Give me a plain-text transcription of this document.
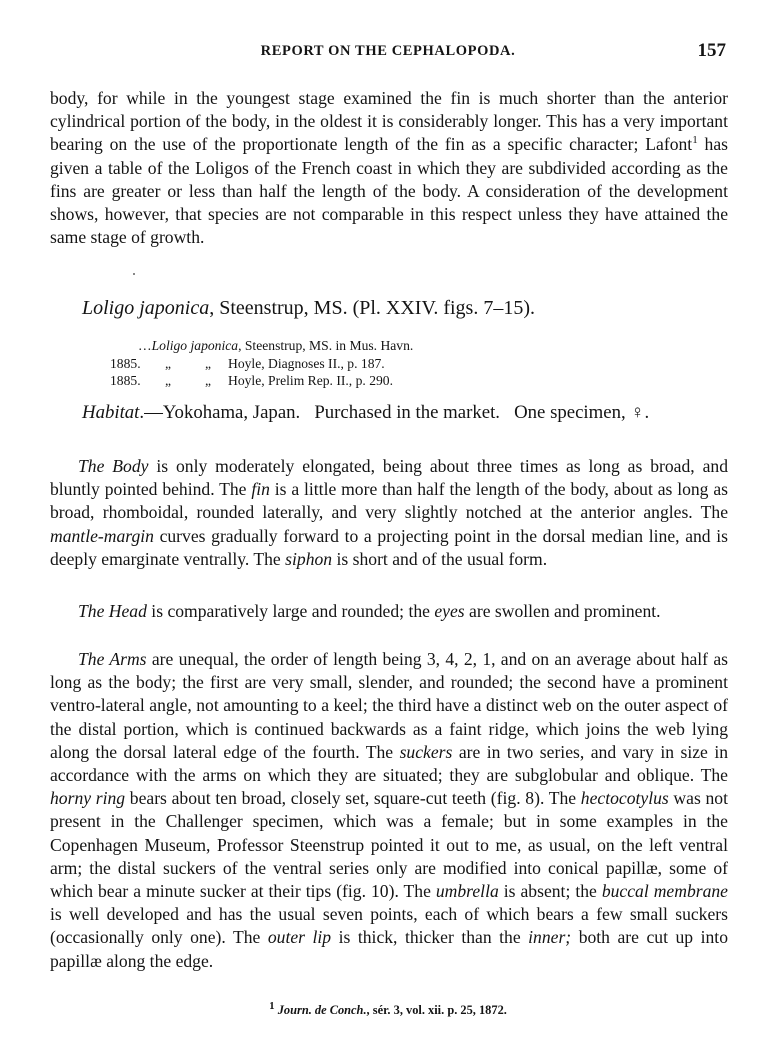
REPORT ON THE CEPHALOPODA.	157

body, for while in the youngest stage examined the fin is much shorter than the anterior cylindrical portion of the body, in the oldest it is considerably longer. This has a very important bearing on the use of the proportionate length of the fin as a specific character; Lafont$^1$ has given a table of the Loligos of the French coast in which they are subdivided according as the fins are greater or less than half the length of the body. A consideration of the development shows, however, that species are not comparable in this respect unless they have attained the same stage of growth.

Loligo japonica, Steenstrup, MS. (Pl. XXIV. figs. 7–15).

…Loligo japonica, Steenstrup, MS. in Mus. Havn.
1885. „ „ Hoyle, Diagnoses II., p. 187.
1885. „ „ Hoyle, Prelim Rep. II., p. 290.

Habitat.—Yokohama, Japan.   Purchased in the market.   One specimen, ♀.

The Body is only moderately elongated, being about three times as long as broad, and bluntly pointed behind. The fin is a little more than half the length of the body, about as long as broad, rhomboidal, rounded laterally, and very slightly notched at the anterior angles. The mantle-margin curves gradually forward to a projecting point in the dorsal median line, and is deeply emarginate ventrally. The siphon is short and of the usual form.

The Head is comparatively large and rounded; the eyes are swollen and prominent.

The Arms are unequal, the order of length being 3, 4, 2, 1, and on an average about half as long as the body; the first are very small, slender, and rounded; the second have a prominent ventro-lateral angle, not amounting to a keel; the third have a distinct web on the outer aspect of the distal portion, which is continued backwards as a faint ridge, which joins the web lying along the dorsal lateral edge of the fourth. The suckers are in two series, and vary in size in accordance with the arms on which they are situated; they are subglobular and oblique. The horny ring bears about ten broad, closely set, square-cut teeth (fig. 8). The hectocotylus was not present in the Challenger specimen, which was a female; but in some examples in the Copenhagen Museum, Professor Steenstrup pointed it out to me, as usual, on the left ventral arm; the distal suckers of the ventral series only are modified into conical papillæ, some of which bear a minute sucker at their tips (fig. 10). The umbrella is absent; the buccal membrane is well developed and has the usual seven points, each of which bears a few small suckers (occasionally only one). The outer lip is thick, thicker than the inner; both are cut up into papillæ along the edge.

$^1$ Journ. de Conch., sér. 3, vol. xii. p. 25, 1872.
